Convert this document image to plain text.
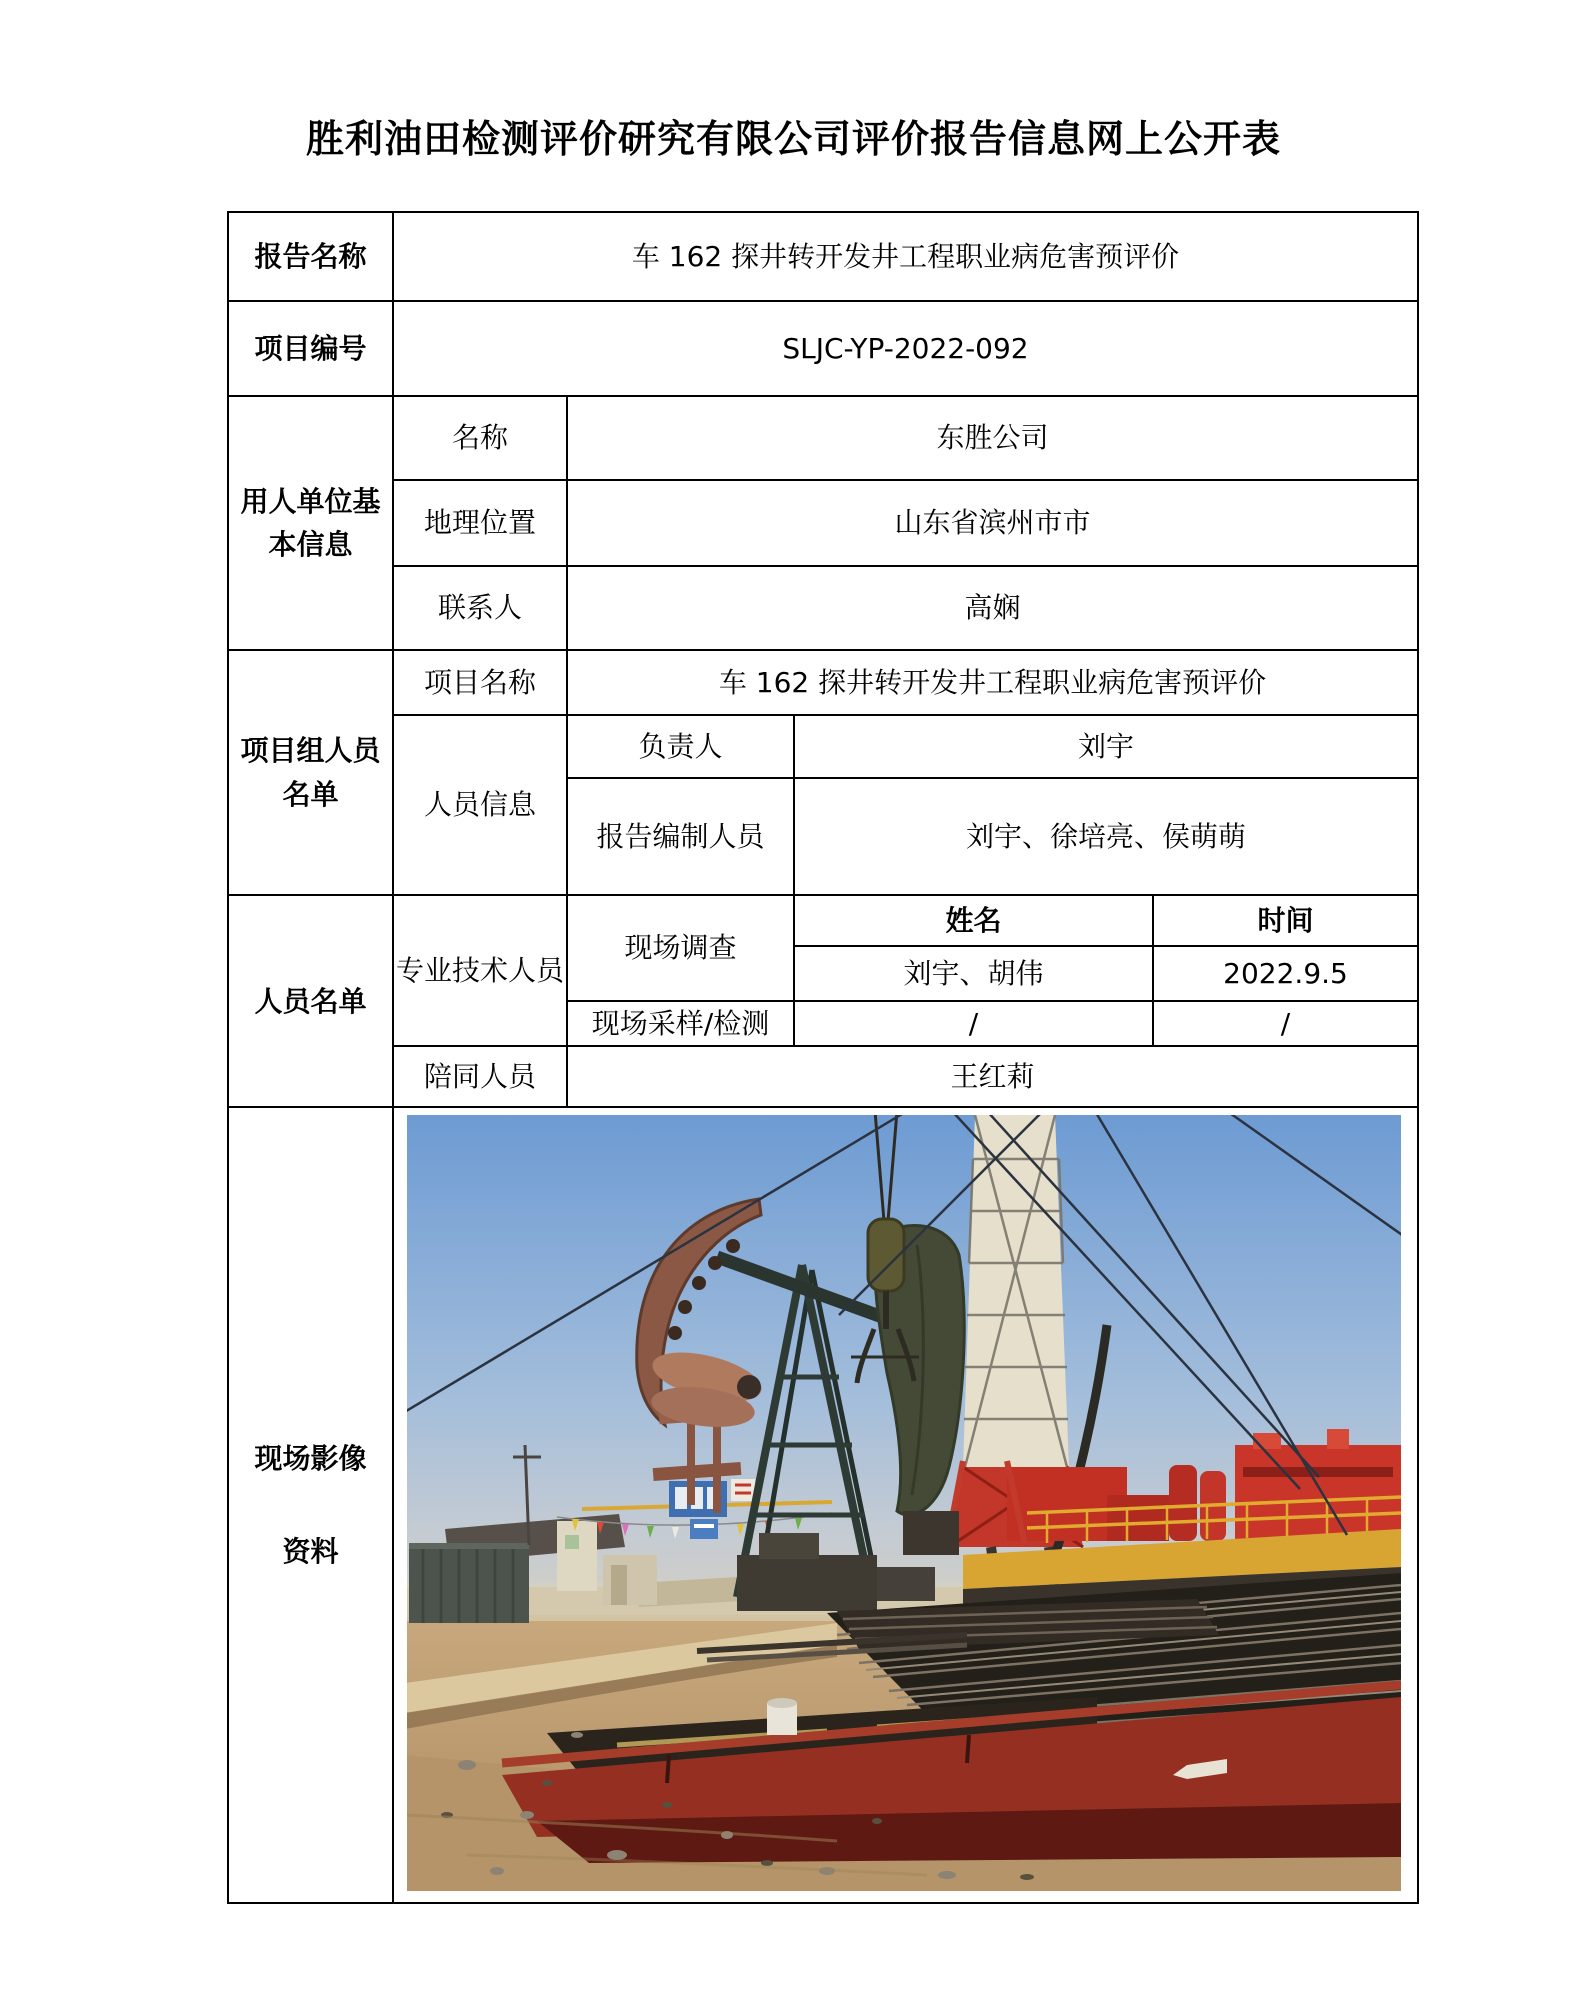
胜利油田检测评价研究有限公司评价报告信息网上公开表
报告名称	车 162 探井转开发井工程职业病危害预评价			
项目编号	SLJC-YP-2022-092			
用人单位基本信息	名称	东胜公司		
	地理位置	山东省滨州市市		
	联系人	高娴		
项目组人员名单	项目名称	车 162 探井转开发井工程职业病危害预评价		
	人员信息	负责人	刘宇	
		报告编制人员	刘宇、徐培亮、侯萌萌	
人员名单	专业技术人员	现场调查	姓名	时间
			刘宇、胡伟	2022.9.5
		现场采样/检测	/	/
	陪同人员	王红莉		

现场影像
资料
